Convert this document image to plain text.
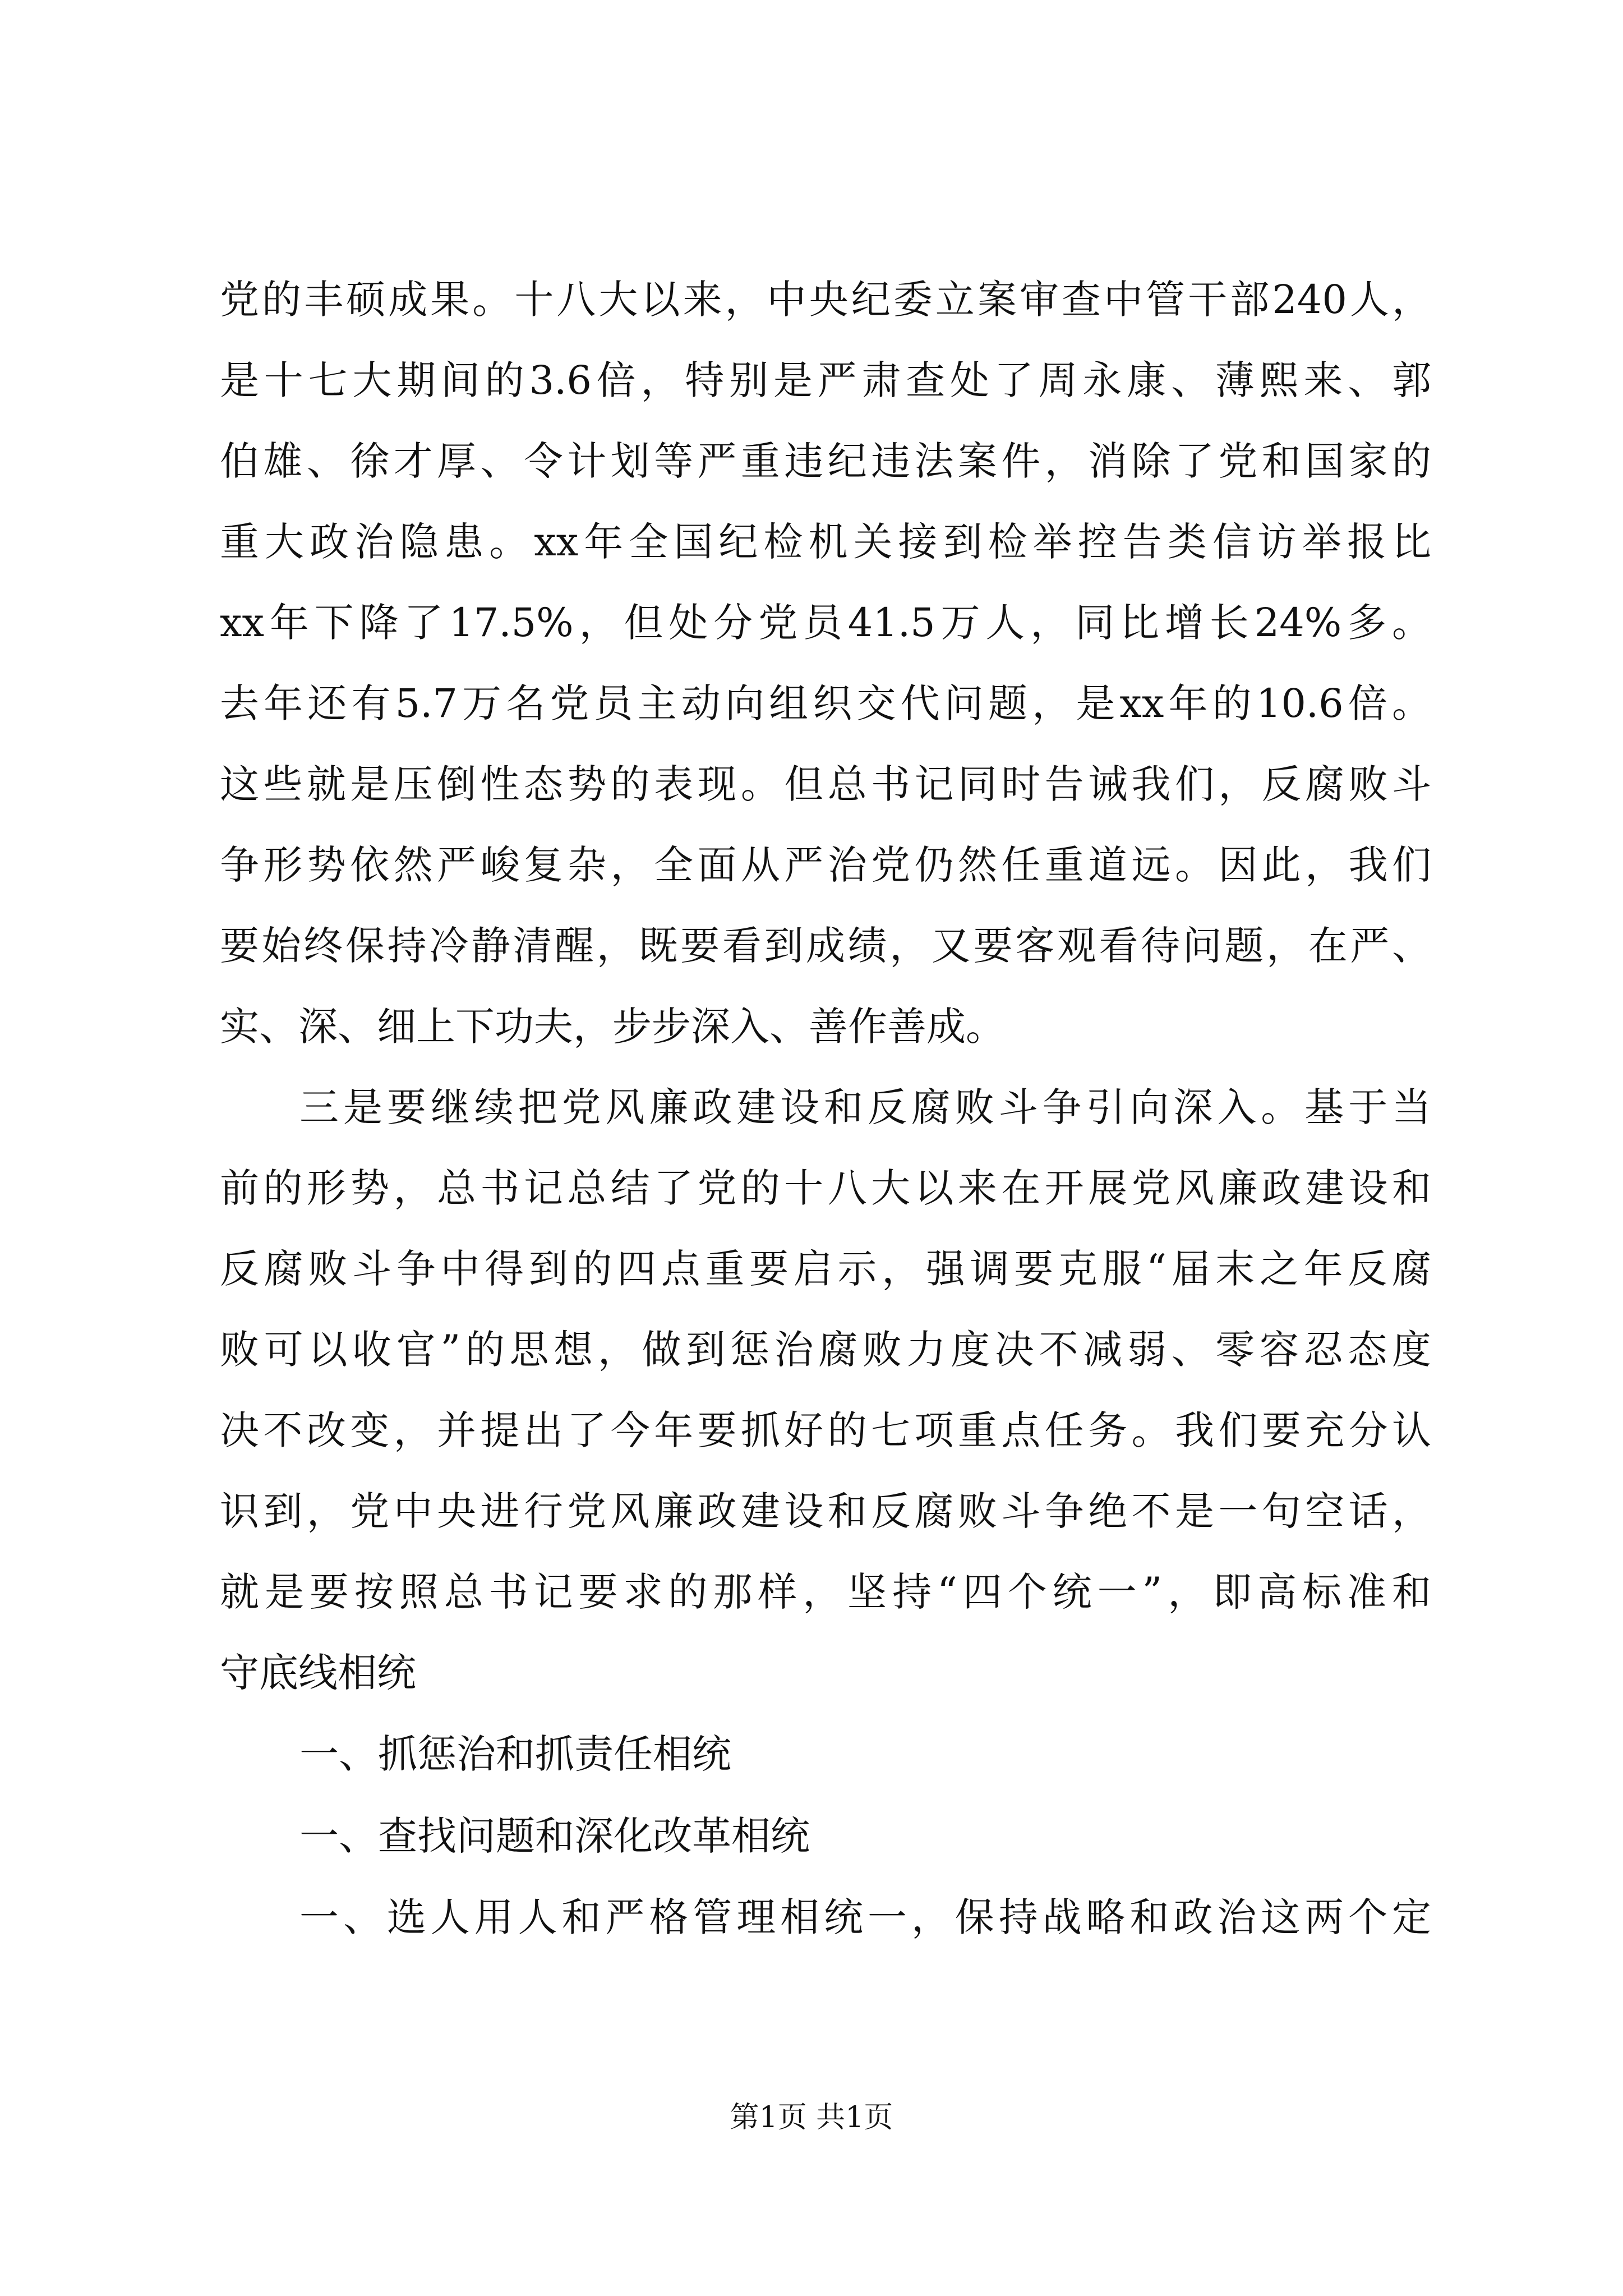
党的丰硕成果。十八大以来，中央纪委立案审查中管干部240人，
是十七大期间的3.6倍，特别是严肃查处了周永康、薄熙来、郭
伯雄、徐才厚、令计划等严重违纪违法案件，消除了党和国家的
重大政治隐患。xx年全国纪检机关接到检举控告类信访举报比
xx年下降了17.5%，但处分党员41.5万人，同比增长24%多。
去年还有5.7万名党员主动向组织交代问题，是xx年的10.6倍。
这些就是压倒性态势的表现。但总书记同时告诫我们，反腐败斗
争形势依然严峻复杂，全面从严治党仍然任重道远。因此，我们
要始终保持冷静清醒，既要看到成绩，又要客观看待问题，在严、
实、深、细上下功夫，步步深入、善作善成。
三是要继续把党风廉政建设和反腐败斗争引向深入。基于当
前的形势，总书记总结了党的十八大以来在开展党风廉政建设和
反腐败斗争中得到的四点重要启示，强调要克服“届末之年反腐
败可以收官”的思想，做到惩治腐败力度决不减弱、零容忍态度
决不改变，并提出了今年要抓好的七项重点任务。我们要充分认
识到，党中央进行党风廉政建设和反腐败斗争绝不是一句空话，
就是要按照总书记要求的那样，坚持“四个统一”，即高标准和
守底线相统
一、抓惩治和抓责任相统
一、查找问题和深化改革相统
一、选人用人和严格管理相统一，保持战略和政治这两个定
第1页 共1页
